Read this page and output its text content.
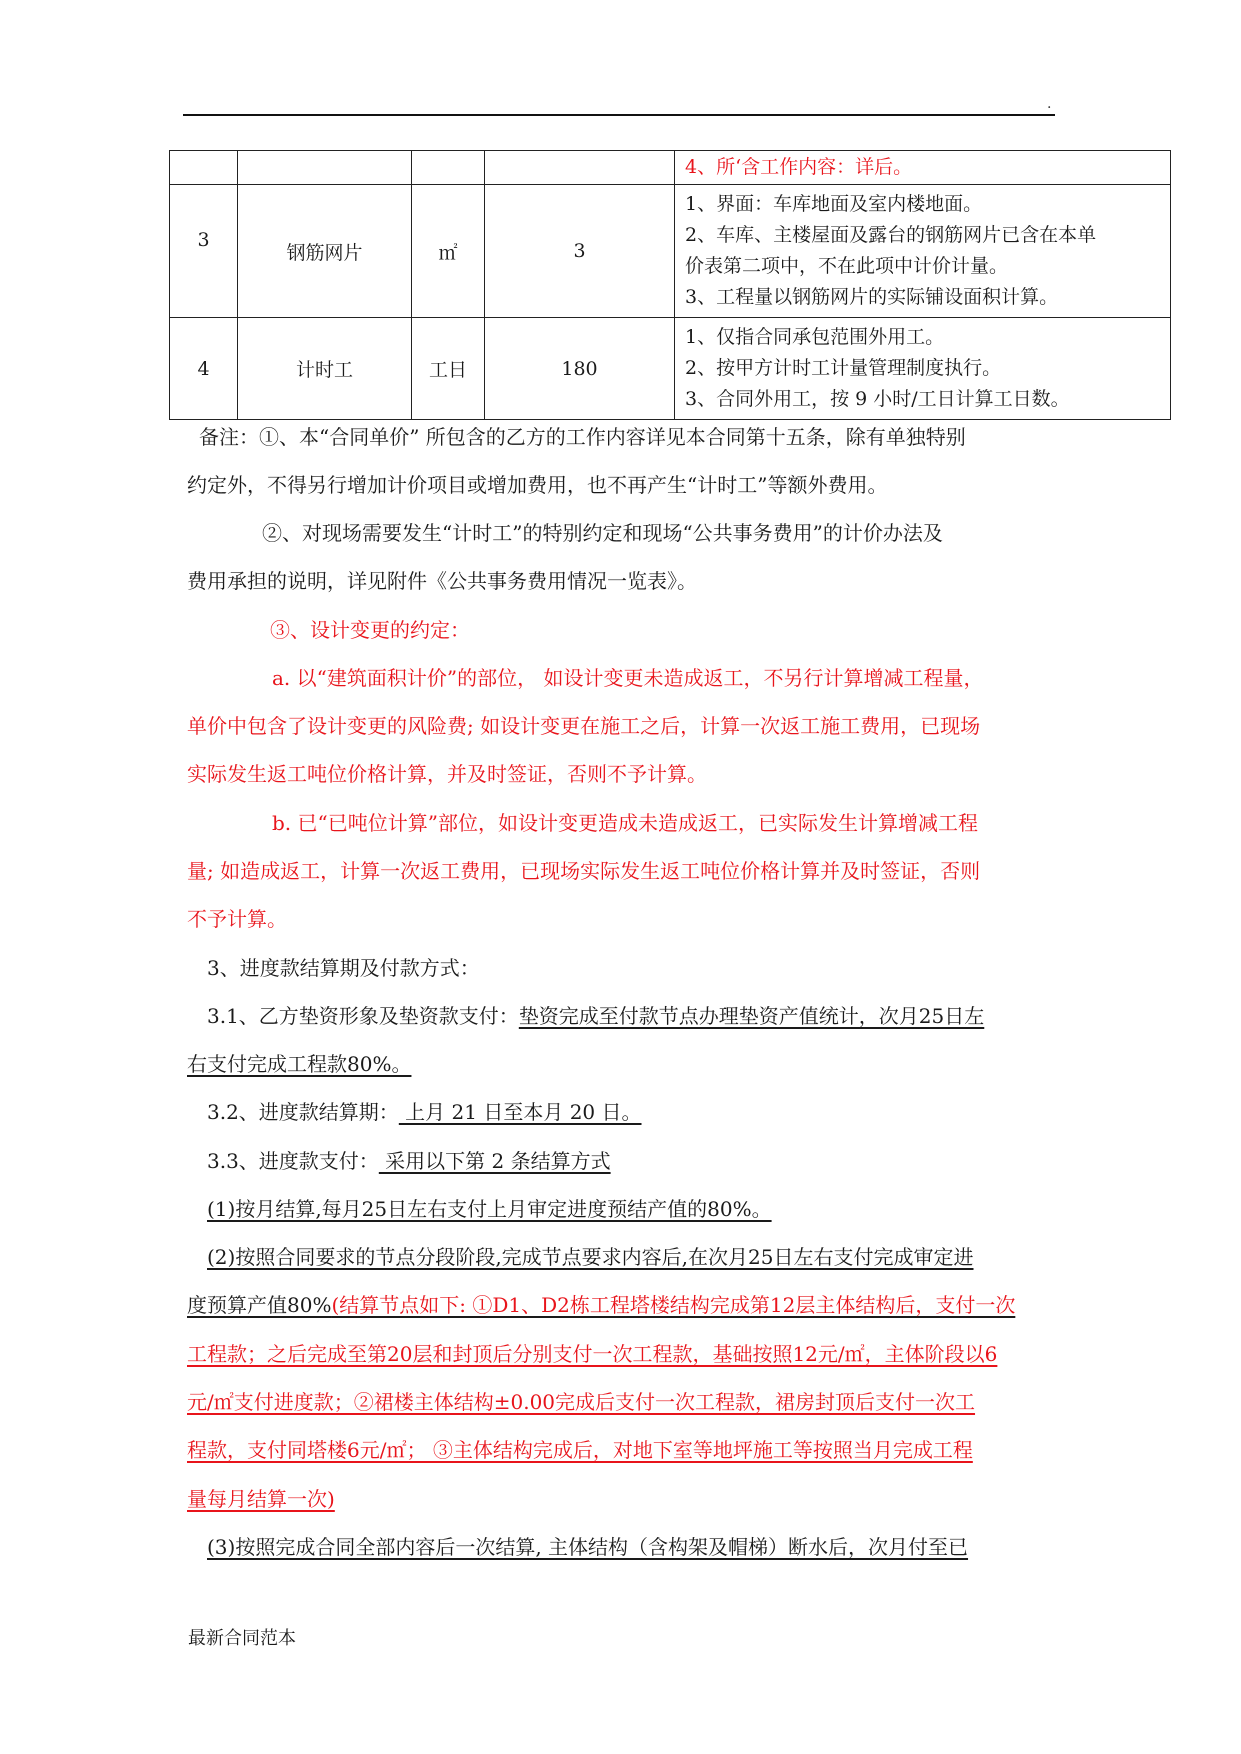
.

				4、所‘含工作内容：详后。

3	钢筋网片	㎡	3	1、界面：车库地面及室内楼地面。
2、车库、主楼屋面及露台的钢筋网片已含在本单
价表第二项中，不在此项中计价计量。
3、工程量以钢筋网片的实际铺设面积计算。

4	计时工	工日	180	1、仅指合同承包范围外用工。
2、按甲方计时工计量管理制度执行。
3、合同外用工，按 9 小时/工日计算工日数。
备注：①、本“合同单价” 所包含的乙方的工作内容详见本合同第十五条，除有单独特别
约定外，不得另行增加计价项目或增加费用，也不再产生“计时工”等额外费用。
②、对现场需要发生“计时工”的特别约定和现场“公共事务费用”的计价办法及
费用承担的说明，详见附件《公共事务费用情况一览表》。
③、设计变更的约定：
a. 以“建筑面积计价”的部位， 如设计变更未造成返工，不另行计算增减工程量，
单价中包含了设计变更的风险费; 如设计变更在施工之后，计算一次返工施工费用，已现场
实际发生返工吨位价格计算，并及时签证，否则不予计算。
b. 已“已吨位计算”部位，如设计变更造成未造成返工，已实际发生计算增减工程
量; 如造成返工，计算一次返工费用，已现场实际发生返工吨位价格计算并及时签证，否则
不予计算。
3、进度款结算期及付款方式：
3.1、乙方垫资形象及垫资款支付：垫资完成至付款节点办理垫资产值统计，次月25日左
右支付完成工程款80%。
3.2、进度款结算期： 上月 21 日至本月 20 日。
3.3、进度款支付： 采用以下第 2 条结算方式
(1)按月结算,每月25日左右支付上月审定进度预结产值的80%。
(2)按照合同要求的节点分段阶段,完成节点要求内容后,在次月25日左右支付完成审定进
度预算产值80%(结算节点如下: ①D1、D2栋工程塔楼结构完成第12层主体结构后，支付一次
工程款；之后完成至第20层和封顶后分别支付一次工程款，基础按照12元/㎡，主体阶段以6
元/㎡支付进度款；②裙楼主体结构±0.00完成后支付一次工程款，裙房封顶后支付一次工
程款，支付同塔楼6元/㎡； ③主体结构完成后，对地下室等地坪施工等按照当月完成工程
量每月结算一次)
(3)按照完成合同全部内容后一次结算, 主体结构（含构架及帽梯）断水后，次月付至已
最新合同范本
